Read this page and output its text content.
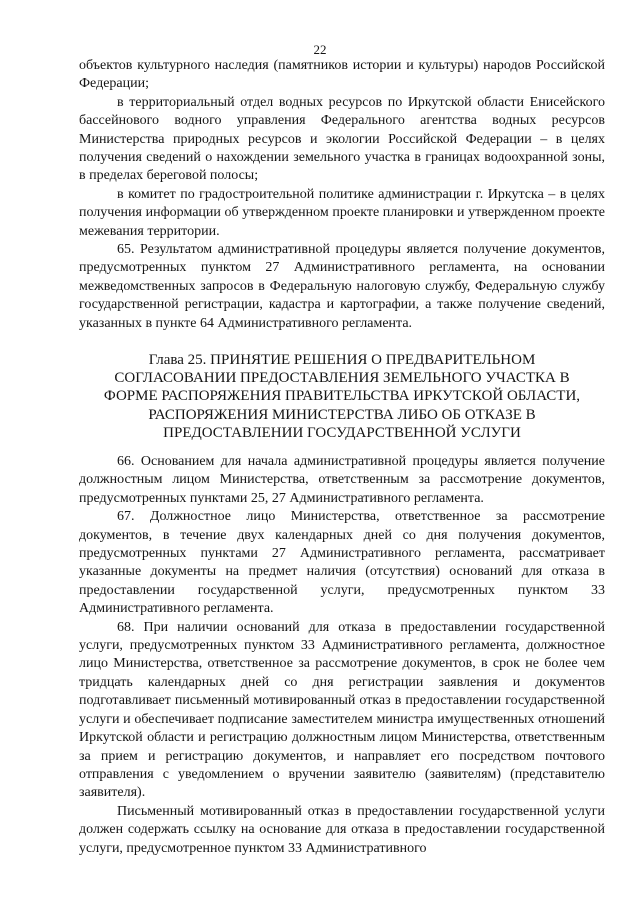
22

объектов культурного наследия (памятников истории и культуры) народов Российской Федерации;

в территориальный отдел водных ресурсов по Иркутской области Енисейского бассейнового водного управления Федерального агентства водных ресурсов Министерства природных ресурсов и экологии Российской Федерации – в целях получения сведений о нахождении земельного участка в границах водоохранной зоны, в пределах береговой полосы;

в комитет по градостроительной политике администрации г. Иркутска – в целях получения информации об утвержденном проекте планировки и утвержденном проекте межевания территории.

65. Результатом административной процедуры является получение документов, предусмотренных пунктом 27 Административного регламента, на основании межведомственных запросов в Федеральную налоговую службу, Федеральную службу государственной регистрации, кадастра и картографии, а также получение сведений, указанных в пункте 64 Административного регламента.

Глава 25. ПРИНЯТИЕ РЕШЕНИЯ О ПРЕДВАРИТЕЛЬНОМ
СОГЛАСОВАНИИ ПРЕДОСТАВЛЕНИЯ ЗЕМЕЛЬНОГО УЧАСТКА В
ФОРМЕ РАСПОРЯЖЕНИЯ ПРАВИТЕЛЬСТВА ИРКУТСКОЙ ОБЛАСТИ,
РАСПОРЯЖЕНИЯ МИНИСТЕРСТВА ЛИБО ОБ ОТКАЗЕ В
ПРЕДОСТАВЛЕНИИ ГОСУДАРСТВЕННОЙ УСЛУГИ

66. Основанием для начала административной процедуры является получение должностным лицом Министерства, ответственным за рассмотрение документов, предусмотренных пунктами 25, 27 Административного регламента.

67. Должностное лицо Министерства, ответственное за рассмотрение документов, в течение двух календарных дней со дня получения документов, предусмотренных пунктами 27 Административного регламента, рассматривает указанные документы на предмет наличия (отсутствия) оснований для отказа в предоставлении государственной услуги, предусмотренных пунктом 33 Административного регламента.

68. При наличии оснований для отказа в предоставлении государственной услуги, предусмотренных пунктом 33 Административного регламента, должностное лицо Министерства, ответственное за рассмотрение документов, в срок не более чем тридцать календарных дней со дня регистрации заявления и документов подготавливает письменный мотивированный отказ в предоставлении государственной услуги и обеспечивает подписание заместителем министра имущественных отношений Иркутской области и регистрацию должностным лицом Министерства, ответственным за прием и регистрацию документов, и направляет его посредством почтового отправления с уведомлением о вручении заявителю (заявителям) (представителю заявителя).

Письменный мотивированный отказ в предоставлении государственной услуги должен содержать ссылку на основание для отказа в предоставлении государственной услуги, предусмотренное пунктом 33 Административного
